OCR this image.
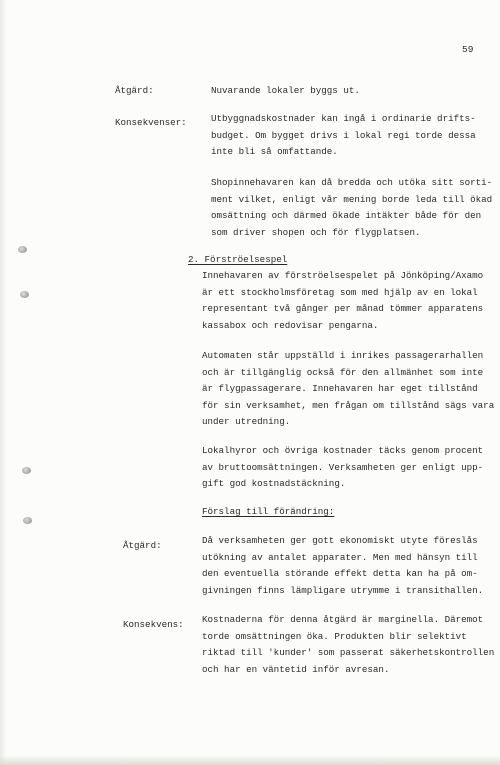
59
Åtgärd:	Nuvarande lokaler byggs ut.
Konsekvenser:	Utbyggnadskostnader kan ingå i ordinarie drifts-
budget. Om bygget drivs i lokal regi torde dessa
inte bli så omfattande.
Shopinnehavaren kan då bredda och utöka sitt sorti-
ment vilket, enligt vår mening borde leda till ökad
omsättning och därmed ökade intäkter både för den
som driver shopen och för flygplatsen.
2. Förströelsespel
Innehavaren av förströelsespelet på Jönköping/Axamo
är ett stockholmsföretag som med hjälp av en lokal
representant två gånger per månad tömmer apparatens
kassabox och redovisar pengarna.
Automaten står uppställd i inrikes passagerarhallen
och är tillgänglig också för den allmänhet som inte
är flygpassagerare. Innehavaren har eget tillstånd
för sin verksamhet, men frågan om tillstånd sägs vara
under utredning.
Lokalhyror och övriga kostnader täcks genom procent
av bruttoomsättningen. Verksamheten ger enligt upp-
gift god kostnadstäckning.
Förslag till förändring:
Åtgärd:	Då verksamheten ger gott ekonomiskt utyte föreslås
utökning av antalet apparater. Men med hänsyn till
den eventuella störande effekt detta kan ha på om-
givningen finns lämpligare utrymme i transithallen.
Konsekvens: Kostnaderna för denna åtgärd är marginella. Däremot
torde omsättningen öka. Produkten blir selektivt
riktad till 'kunder' som passerat säkerhetskontrollen
och har en väntetid inför avresan.
